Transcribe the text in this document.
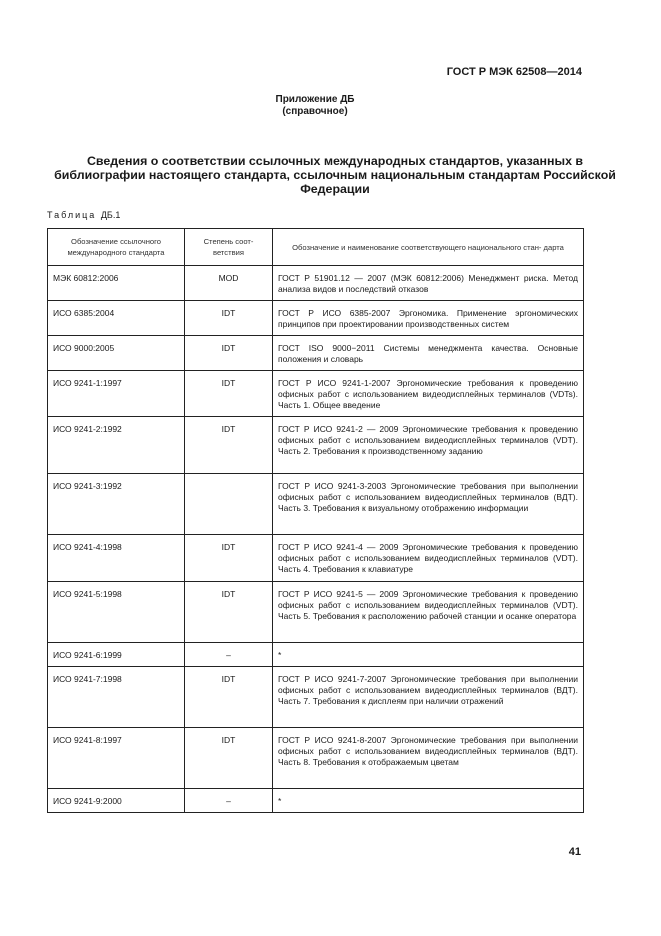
ГОСТ Р МЭК 62508—2014
Приложение ДБ
(справочное)
Сведения о соответствии ссылочных международных стандартов, указанных в библиографии настоящего стандарта, ссылочным национальным стандартам Российской Федерации
Таблица ДБ.1
Обозначение ссылочного международного стандарта	Степень соот- ветствия	Обозначение и наименование соответствующего национального стан- дарта
МЭК 60812:2006	MOD	ГОСТ Р 51901.12 — 2007 (МЭК 60812:2006) Менеджмент риска. Метод анализа видов и последствий отказов
ИСО 6385:2004	IDT	ГОСТ Р ИСО 6385-2007 Эргономика. Применение эргономических принципов при проектировании производственных систем
ИСО 9000:2005	IDT	ГОСТ ISO 9000−2011 Системы менеджмента качества. Основные положения и словарь
ИСО 9241-1:1997	IDT	ГОСТ Р ИСО 9241-1-2007 Эргономические требования к проведению офисных работ с использованием видеодисплейных терминалов (VDTs). Часть 1. Общее введение
ИСО 9241-2:1992	IDT	ГОСТ Р ИСО 9241-2 — 2009 Эргономические требования к проведению офисных работ с использованием видеодисплейных терминалов (VDT). Часть 2. Требования к производственному заданию
ИСО 9241-3:1992		ГОСТ Р ИСО 9241-3-2003 Эргономические требования при выполнении офисных работ с использованием видеодисплейных терминалов (ВДТ). Часть 3. Требования к визуальному отображению информации
ИСО 9241-4:1998	IDT	ГОСТ Р ИСО 9241-4 — 2009 Эргономические требования к проведению офисных работ с использованием видеодисплейных терминалов (VDT). Часть 4. Требования к клавиатуре
ИСО 9241-5:1998	IDT	ГОСТ Р ИСО 9241-5 — 2009 Эргономические требования к проведению офисных работ с использованием видеодисплейных терминалов (VDT). Часть 5. Требования к расположению рабочей станции и осанке оператора
ИСО 9241-6:1999	–	*
ИСО 9241-7:1998	IDT	ГОСТ Р ИСО 9241-7-2007 Эргономические требования при выполнении офисных работ с использованием видеодисплейных терминалов (ВДТ). Часть 7. Требования к дисплеям при наличии отражений
ИСО 9241-8:1997	IDT	ГОСТ Р ИСО 9241-8-2007 Эргономические требования при выполнении офисных работ с использованием видеодисплейных терминалов (ВДТ). Часть 8. Требования к отображаемым цветам
ИСО 9241-9:2000	–	*
41
